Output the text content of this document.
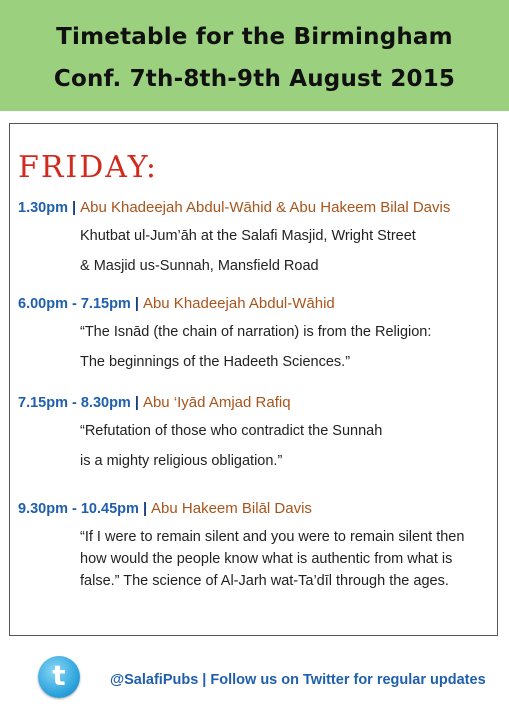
Timetable for the Birmingham
Conf. 7th-8th-9th August 2015
FRIDAY:
1.30pm | Abu Khadeejah Abdul-Wāhid & Abu Hakeem Bilal Davis
Khutbat ul-Jum’āh at the Salafi Masjid, Wright Street
& Masjid us-Sunnah, Mansfield Road
6.00pm - 7.15pm | Abu Khadeejah Abdul-Wāhid
“The Isnād (the chain of narration) is from the Religion:
The beginnings of the Hadeeth Sciences.”
7.15pm - 8.30pm | Abu ‘Iyād Amjad Rafiq
“Refutation of those who contradict the Sunnah
is a mighty religious obligation.”
9.30pm - 10.45pm | Abu Hakeem Bilāl Davis
“If I were to remain silent and you were to remain silent then how would the people know what is authentic from what is false.” The science of Al-Jarh wat-Ta’dīl through the ages.
t	@SalafiPubs | Follow us on Twitter for regular updates
